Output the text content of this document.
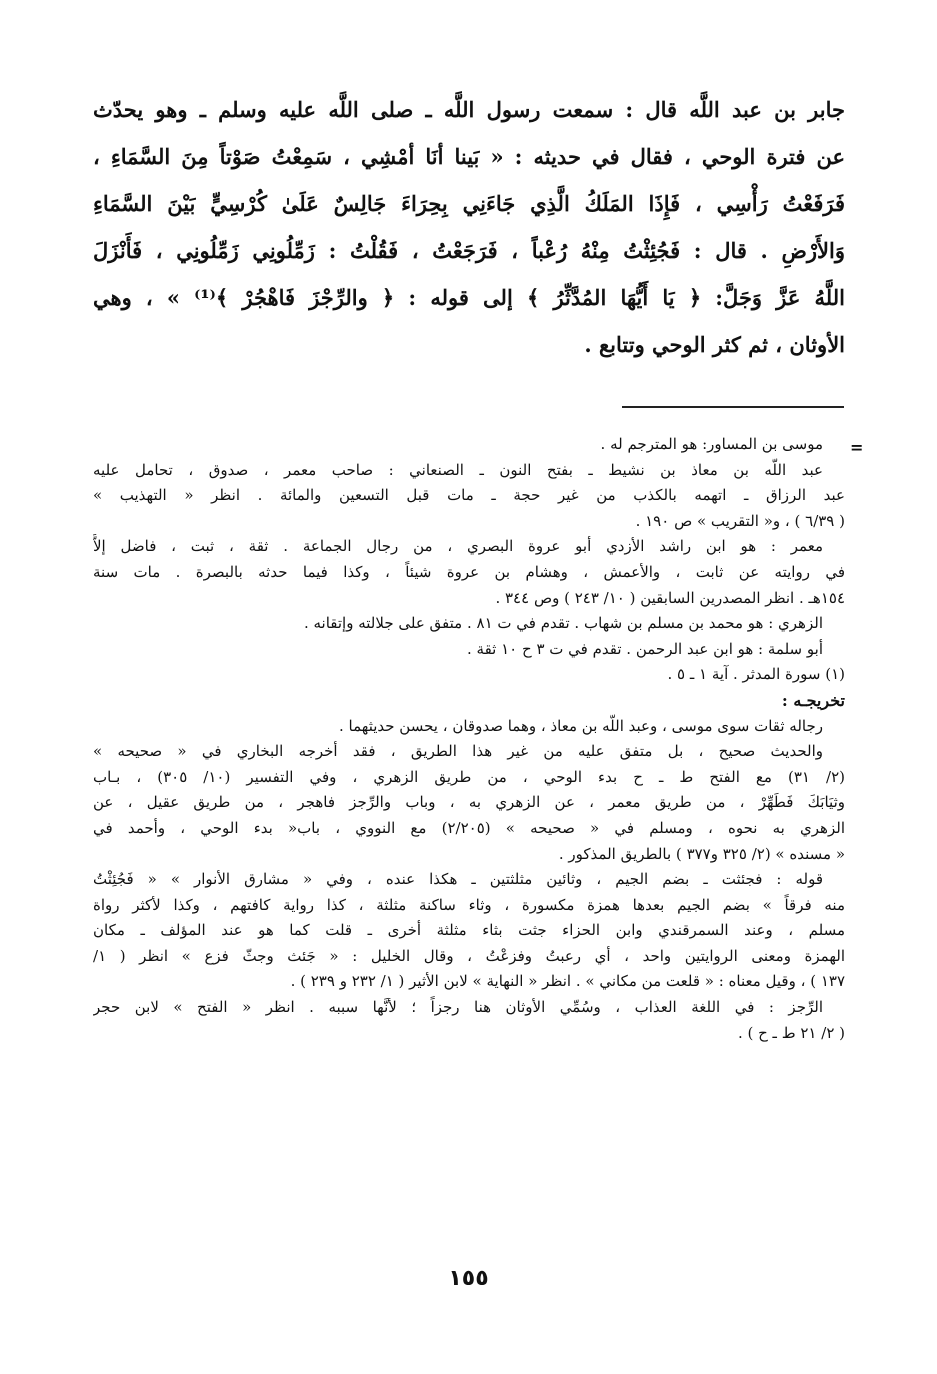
جابر بن عبد اللَّه قال : سمعت رسول اللَّه ـ صلى اللَّه عليه وسلم ـ وهو يحدّث
عن فترة الوحي ، فقال في حديثه : « بَينا أنَا أمْشِي ، سَمِعْتُ صَوْتاً مِنَ السَّمَاءِ ،
فَرَفَعْتُ رَأْسِي ، فَإِذَا المَلَكُ الَّذِي جَاءَنِي بِحِرَاءَ جَالِسٌ عَلَىٰ كُرْسِيٍّ بَيْنَ السَّمَاءِ
وَالأَرْضِ . قال : فَجُئِثْتُ مِنْهُ رُعْباً ، فَرَجَعْتُ ، فَقُلْتُ : زَمِّلُونِي زَمِّلُونِي ، فَأَنْزَلَ
اللَّهُ عَزَّ وَجَلَّ: ﴿ يَا أَيُّهَا المُدَّثِّرُ ﴾ إلى قوله : ﴿ والرِّجْزَ فَاهْجُرْ ﴾⁽¹⁾ » ، وهي
الأوثان ، ثم كثر الوحي وتتابع .
=
موسى بن المساور: هو المترجم له .
عبد اللَّه بن معاذ بن نشيط ـ بفتح النون ـ الصنعاني : صاحب معمر ، صدوق ، تحامل عليه
عبد الرزاق ـ اتهمه بالكذب من غير حجة ـ مات قبل التسعين والمائة . انظر « التهذيب »
( ٦/٣٩ ) ، و« التقريب » ص ١٩٠ .
معمر : هو ابن راشد الأزدي أبو عروة البصري ، من رجال الجماعة . ثقة ، ثبت ، فاضل إلاَّ
في روايته عن ثابت ، والأعمش ، وهشام بن عروة شيئاً ، وكذا فيما حدثه بالبصرة . مات سنة
١٥٤هـ . انظر المصدرين السابقين ( ١٠/ ٢٤٣ ) وص ٣٤٤ .
الزهري : هو محمد بن مسلم بن شهاب . تقدم في ت ٨١ . متفق على جلالته وإتقانه .
أبو سلمة : هو ابن عبد الرحمن . تقدم في ت ٣ ح ١٠ ثقة .
(١) سورة المدثر . آية ١ ـ ٥ .
تخريجـه :
رجاله ثقات سوى موسى ، وعبد اللَّه بن معاذ ، وهما صدوقان ، يحسن حديثهما .
والحديث صحيح ، بل متفق عليه من غير هذا الطريق ، فقد أخرجه البخاري في « صحيحه »
(٢/ ٣١) مع الفتح ط ـ ح بدء الوحي ، من طريق الزهري ، وفي التفسير (١٠/ ٣٠٥) ، بـاب
وثيَابَكَ فَطَهِّرْ ، من طريق معمر ، عن الزهري به ، وباب والرِّجز فاهجر ، من طريق عقيل ، عن
الزهري به نحوه ، ومسلم في « صحيحه » (٢/٢٠٥) مع النووي ، باب« بدء الوحي ، وأحمد في
« مسنده » (٢/ ٣٢٥ و٣٧٧ ) بالطريق المذكور .
قوله : فجئثت ـ بضم الجيم ، وثائين مثلثتين ـ هكذا عنده ، وفي « مشارق الأنوار » « فَجُئِثْتُ
منه فرقاً » بضم الجيم بعدها همزة مكسورة ، وثاء ساكنة مثلثة ، كذا رواية كافتهم ، وكذا لأكثر رواة
مسلم ، وعند السمرقندي وابن الحزاء جثت بثاء مثلثة أخرى ـ قلت كما هو عند المؤلف ـ مكان
الهمزة ومعنى الروايتين واحد ، أي رعبتُ وفزعْتُ ، وقال الخليل : « جَئث وجثّ فزع » انظر ( ١/
١٣٧ ) ، وقيل معناه : « قلعت من مكاني » . انظر « النهاية » لابن الأثير ( ١/ ٢٣٢ و ٢٣٩ ) .
الرِّجز : في اللغة العذاب ، وسُمِّي الأوثان هنا رجزاً ؛ لأنَّها سببه . انظر « الفتح » لابن حجر
( ٢/ ٢١ ط ـ ح ) .
١٥٥
